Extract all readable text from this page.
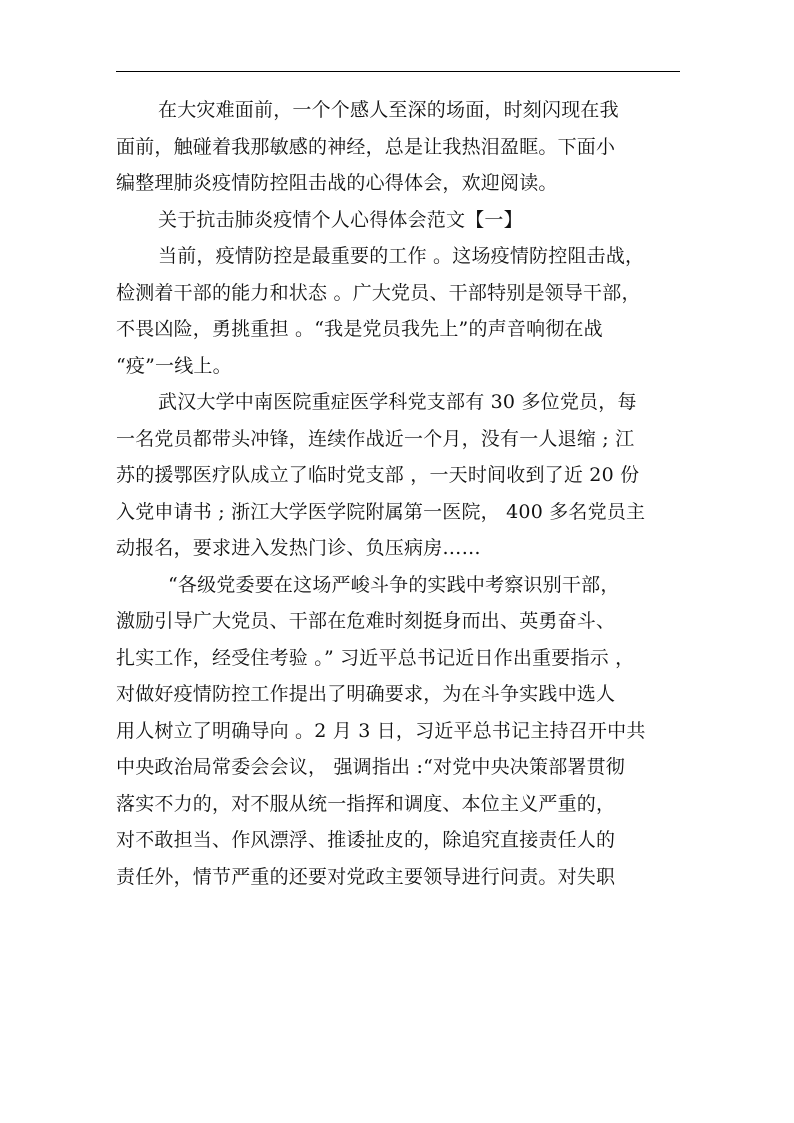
在大灾难面前，一个个感人至深的场面，时刻闪现在我
面前，触碰着我那敏感的神经，总是让我热泪盈眶。下面小
编整理肺炎疫情防控阻击战的心得体会，欢迎阅读。
关于抗击肺炎疫情个人心得体会范文【一】
当前，疫情防控是最重要的工作 。这场疫情防控阻击战，
检测着干部的能力和状态 。广大党员、干部特别是领导干部，
不畏凶险，勇挑重担 。“我是党员我先上”的声音响彻在战
“疫”一线上。
武汉大学中南医院重症医学科党支部有 30 多位党员，每
一名党员都带头冲锋，连续作战近一个月，没有一人退缩 ; 江
苏的援鄂医疗队成立了临时党支部 ，一天时间收到了近 20 份
入党申请书 ; 浙江大学医学院附属第一医院， 400 多名党员主
动报名，要求进入发热门诊、负压病房……
“各级党委要在这场严峻斗争的实践中考察识别干部，
激励引导广大党员、干部在危难时刻挺身而出、英勇奋斗、
扎实工作，经受住考验 。” 习近平总书记近日作出重要指示 ，
对做好疫情防控工作提出了明确要求，为在斗争实践中选人
用人树立了明确导向 。2 月 3 日，习近平总书记主持召开中共
中央政治局常委会会议， 强调指出 :“对党中央决策部署贯彻
落实不力的，对不服从统一指挥和调度、本位主义严重的，
对不敢担当、作风漂浮、推诿扯皮的，除追究直接责任人的
责任外，情节严重的还要对党政主要领导进行问责。对失职
